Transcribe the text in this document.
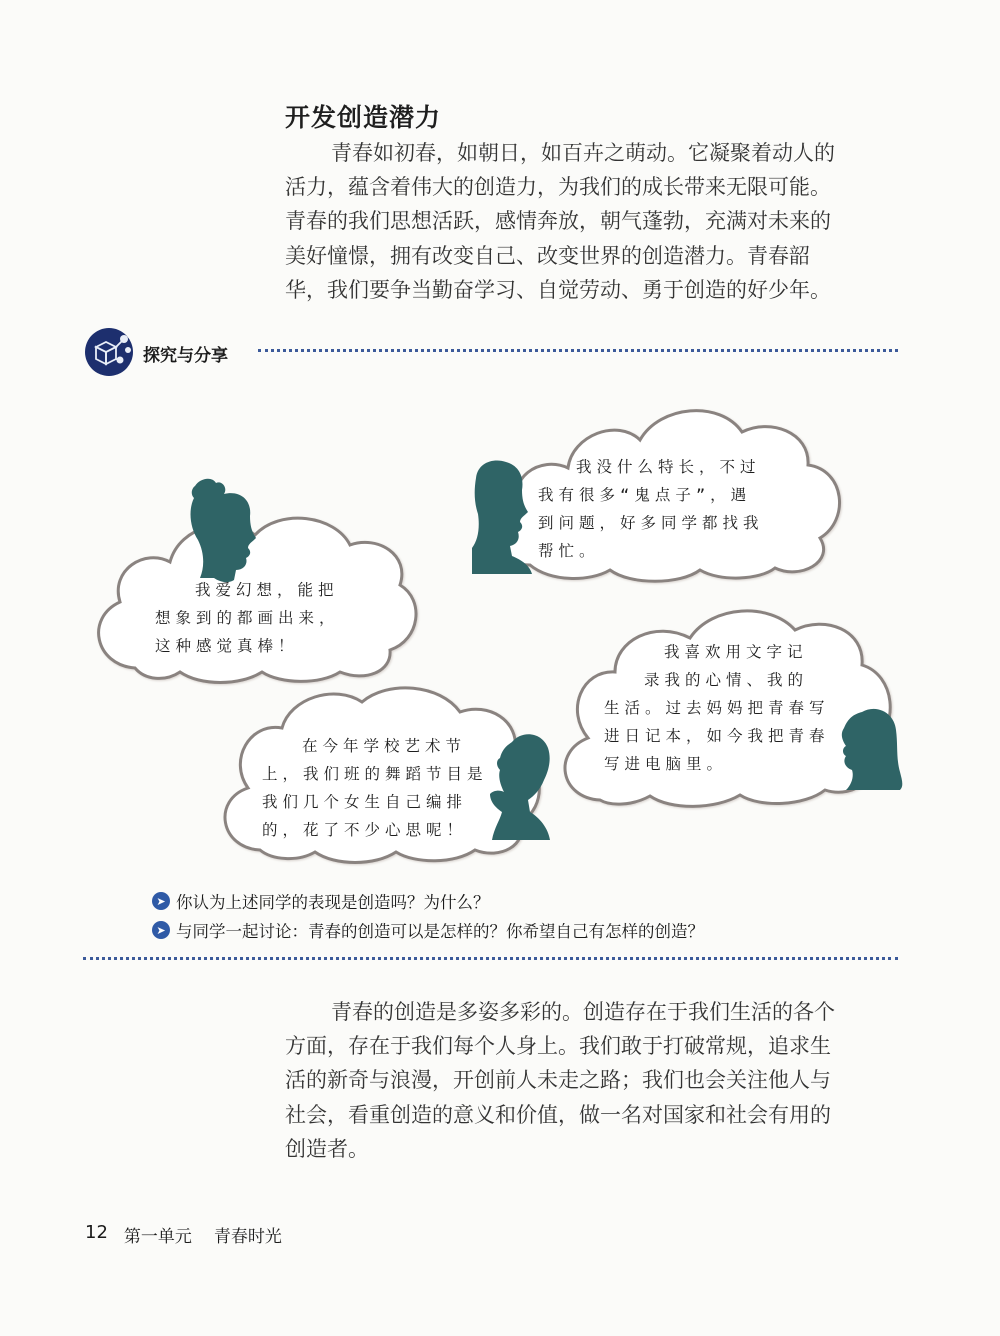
开发创造潜力

青春如初春，如朝日，如百卉之萌动。它凝聚着动人的
活力，蕴含着伟大的创造力，为我们的成长带来无限可能。
青春的我们思想活跃，感情奔放，朝气蓬勃，充满对未来的
美好憧憬，拥有改变自己、改变世界的创造潜力。青春韶
华，我们要争当勤奋学习、自觉劳动、勇于创造的好少年。

探究与分享
我没什么特长，不过
我有很多“鬼点子”，遇
到问题，好多同学都找我
帮忙。
我爱幻想，能把
想象到的都画出来，
这种感觉真棒！	我喜欢用文字记
录我的心情、我的
生活。过去妈妈把青春写
进日记本，如今我把青春
写进电脑里。
在今年学校艺术节
上，我们班的舞蹈节目是
我们几个女生自己编排
的，花了不少心思呢！
➤ 你认为上述同学的表现是创造吗？为什么？
➤ 与同学一起讨论：青春的创造可以是怎样的？你希望自己有怎样的创造？

青春的创造是多姿多彩的。创造存在于我们生活的各个
方面，存在于我们每个人身上。我们敢于打破常规，追求生
活的新奇与浪漫，开创前人未走之路；我们也会关注他人与
社会，看重创造的意义和价值，做一名对国家和社会有用的
创造者。

12 第一单元 青春时光
